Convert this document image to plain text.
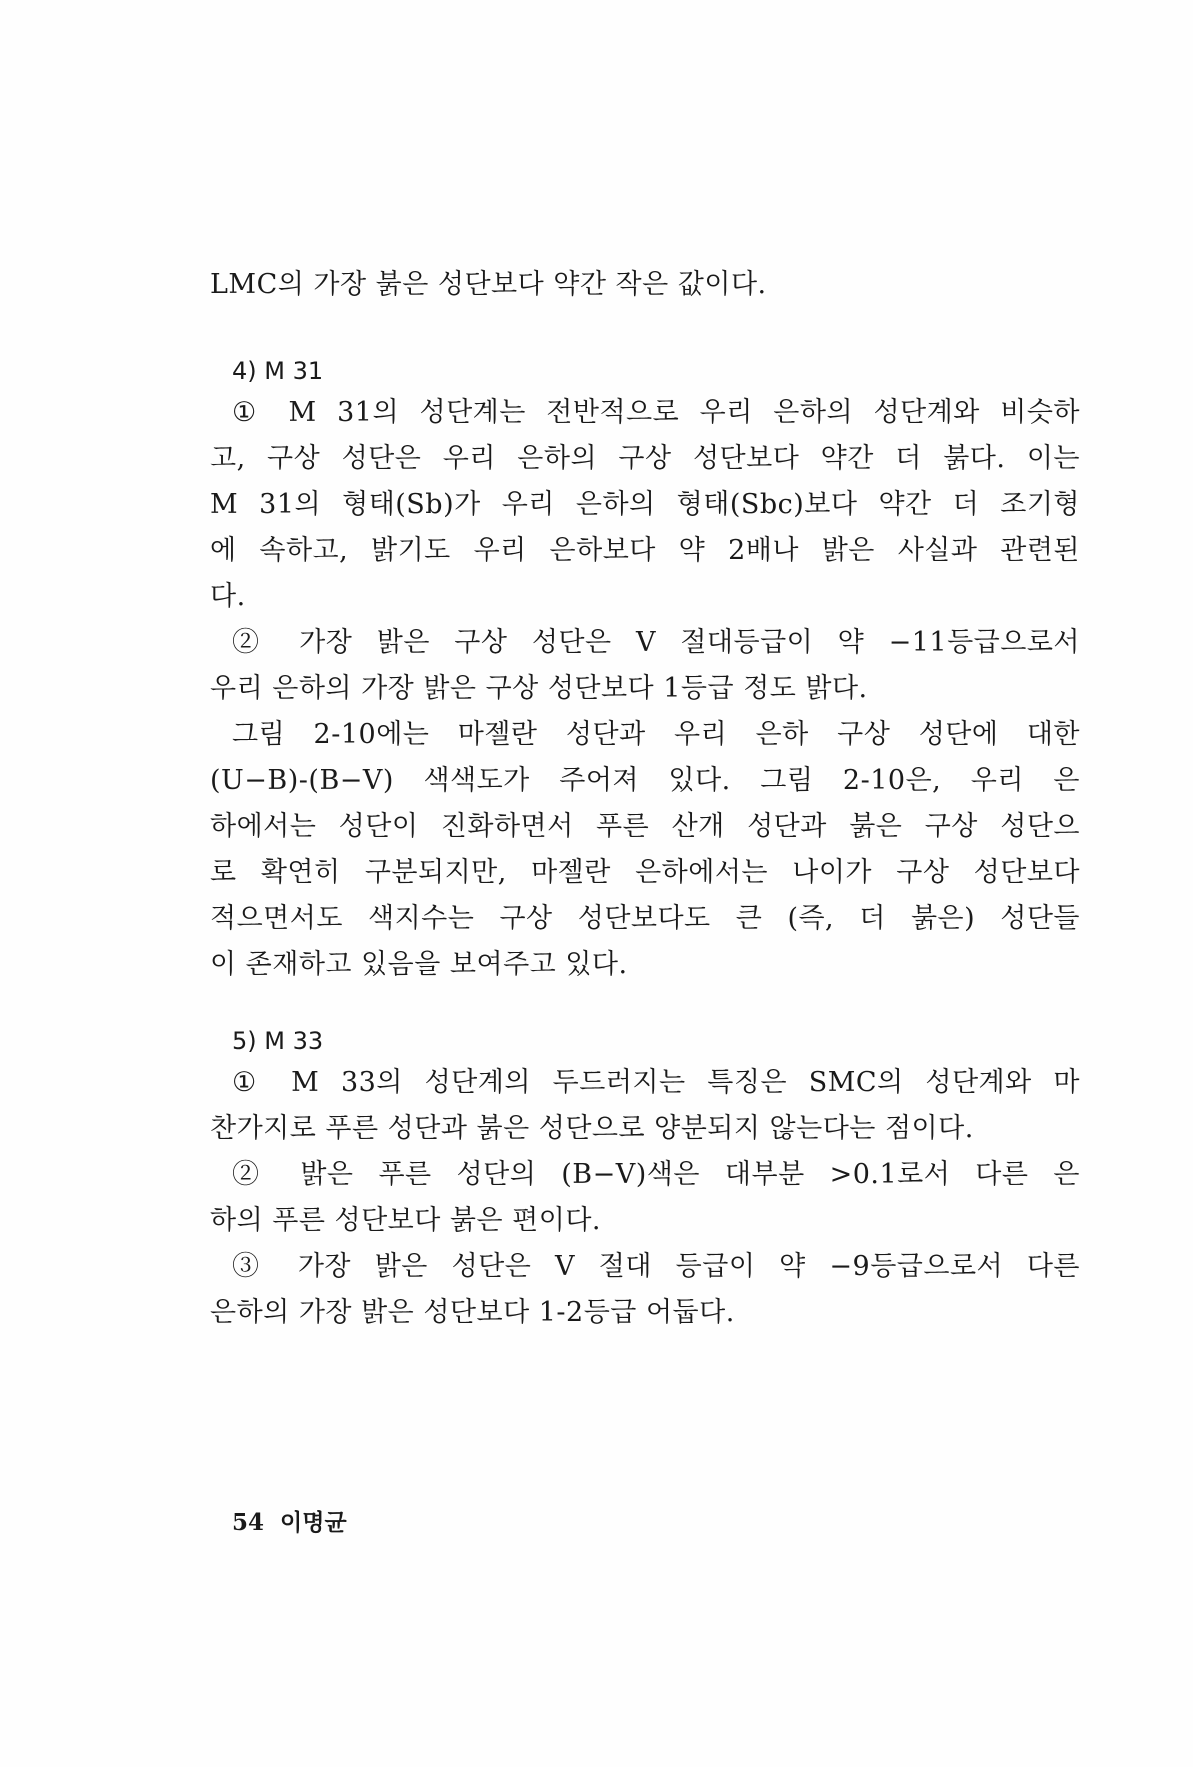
LMC의 가장 붉은 성단보다 약간 작은 값이다.
4) M 31
① M 31의 성단계는 전반적으로 우리 은하의 성단계와 비슷하
고, 구상 성단은 우리 은하의 구상 성단보다 약간 더 붉다. 이는
M 31의 형태(Sb)가 우리 은하의 형태(Sbc)보다 약간 더 조기형
에 속하고, 밝기도 우리 은하보다 약 2배나 밝은 사실과 관련된
다.
② 가장 밝은 구상 성단은 V 절대등급이 약 −11등급으로서
우리 은하의 가장 밝은 구상 성단보다 1등급 정도 밝다.
그림 2-10에는 마젤란 성단과 우리 은하 구상 성단에 대한
(U−B)-(B−V) 색색도가 주어져 있다. 그림 2-10은, 우리 은
하에서는 성단이 진화하면서 푸른 산개 성단과 붉은 구상 성단으
로 확연히 구분되지만, 마젤란 은하에서는 나이가 구상 성단보다
적으면서도 색지수는 구상 성단보다도 큰 (즉, 더 붉은) 성단들
이 존재하고 있음을 보여주고 있다.
5) M 33
① M 33의 성단계의 두드러지는 특징은 SMC의 성단계와 마
찬가지로 푸른 성단과 붉은 성단으로 양분되지 않는다는 점이다.
② 밝은 푸른 성단의 (B−V)색은 대부분 >0.1로서 다른 은
하의 푸른 성단보다 붉은 편이다.
③ 가장 밝은 성단은 V 절대 등급이 약 −9등급으로서 다른
은하의 가장 밝은 성단보다 1-2등급 어둡다.
54 이명균
